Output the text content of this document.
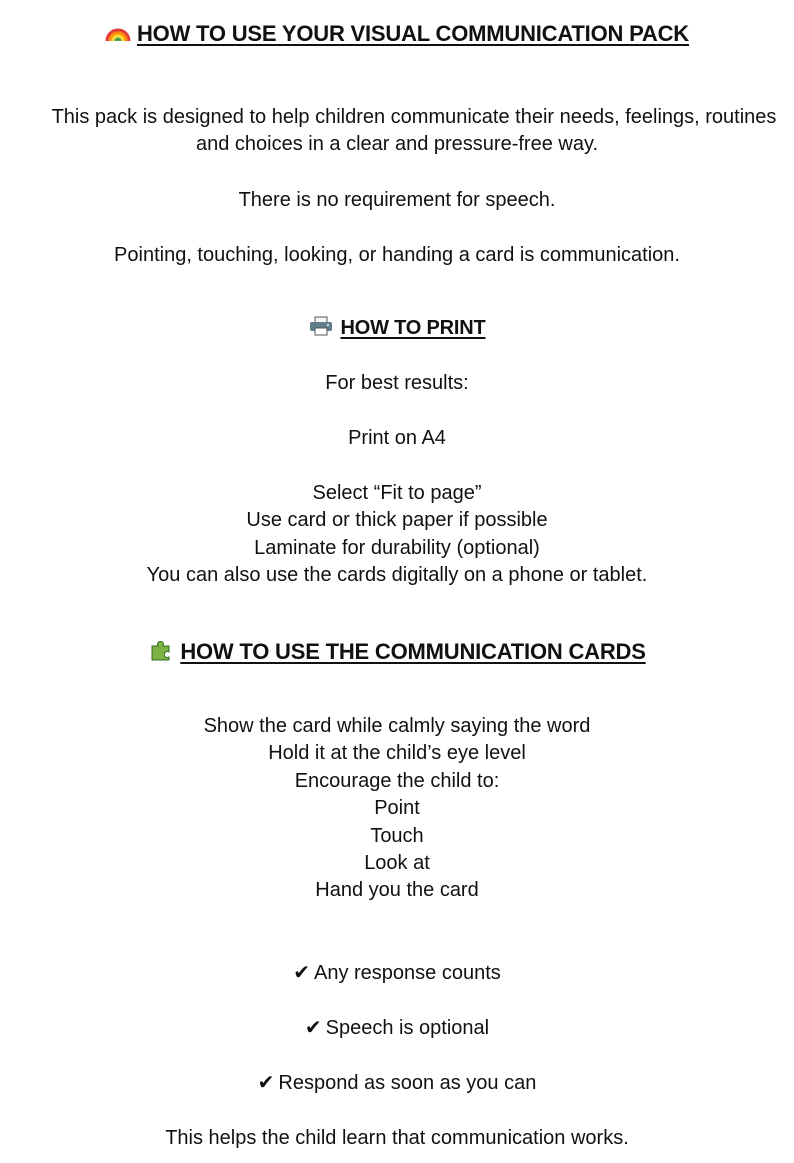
HOW TO USE YOUR VISUAL COMMUNICATION PACK
This pack is designed to help children communicate their needs, feelings, routines
and choices in a clear and pressure-free way.
There is no requirement for speech.
Pointing, touching, looking, or handing a card is communication.
HOW TO PRINT
For best results:
Print on A4
Select “Fit to page”
Use card or thick paper if possible
Laminate for durability (optional)
You can also use the cards digitally on a phone or tablet.
HOW TO USE THE COMMUNICATION CARDS
Show the card while calmly saying the word
Hold it at the child’s eye level
Encourage the child to:
Point
Touch
Look at
Hand you the card
✔ Any response counts
✔ Speech is optional
✔ Respond as soon as you can
This helps the child learn that communication works.
